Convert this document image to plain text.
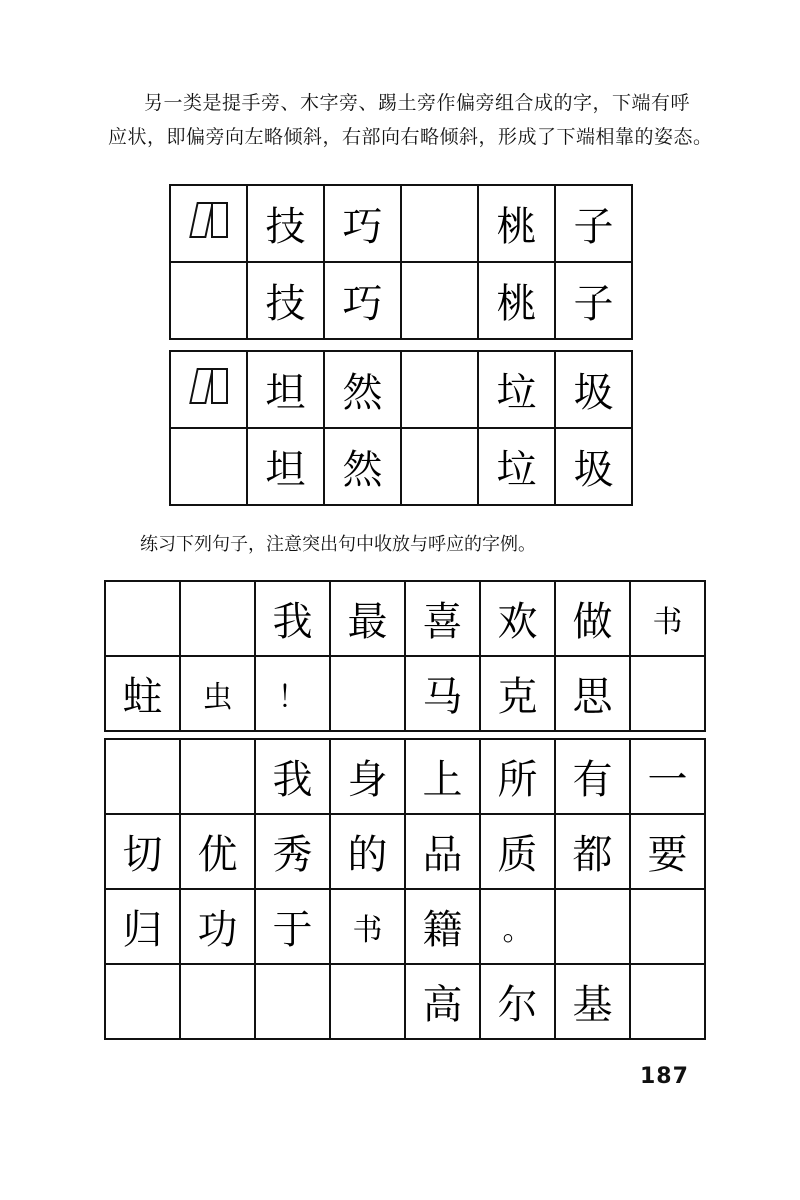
另一类是提手旁、木字旁、踢土旁作偏旁组合成的字，下端有呼
应状，即偏旁向左略倾斜，右部向右略倾斜，形成了下端相靠的姿态。
	技	巧		桃	子
	技	巧		桃	子
	坦	然		垃	圾
	坦	然		垃	圾
练习下列句子，注意突出句中收放与呼应的字例。
		我	最	喜	欢	做	书
蛀	虫	！		马	克	思	
		我	身	上	所	有	一
切	优	秀	的	品	质	都	要
归	功	于	书	籍	。		
				高	尔	基	
187
